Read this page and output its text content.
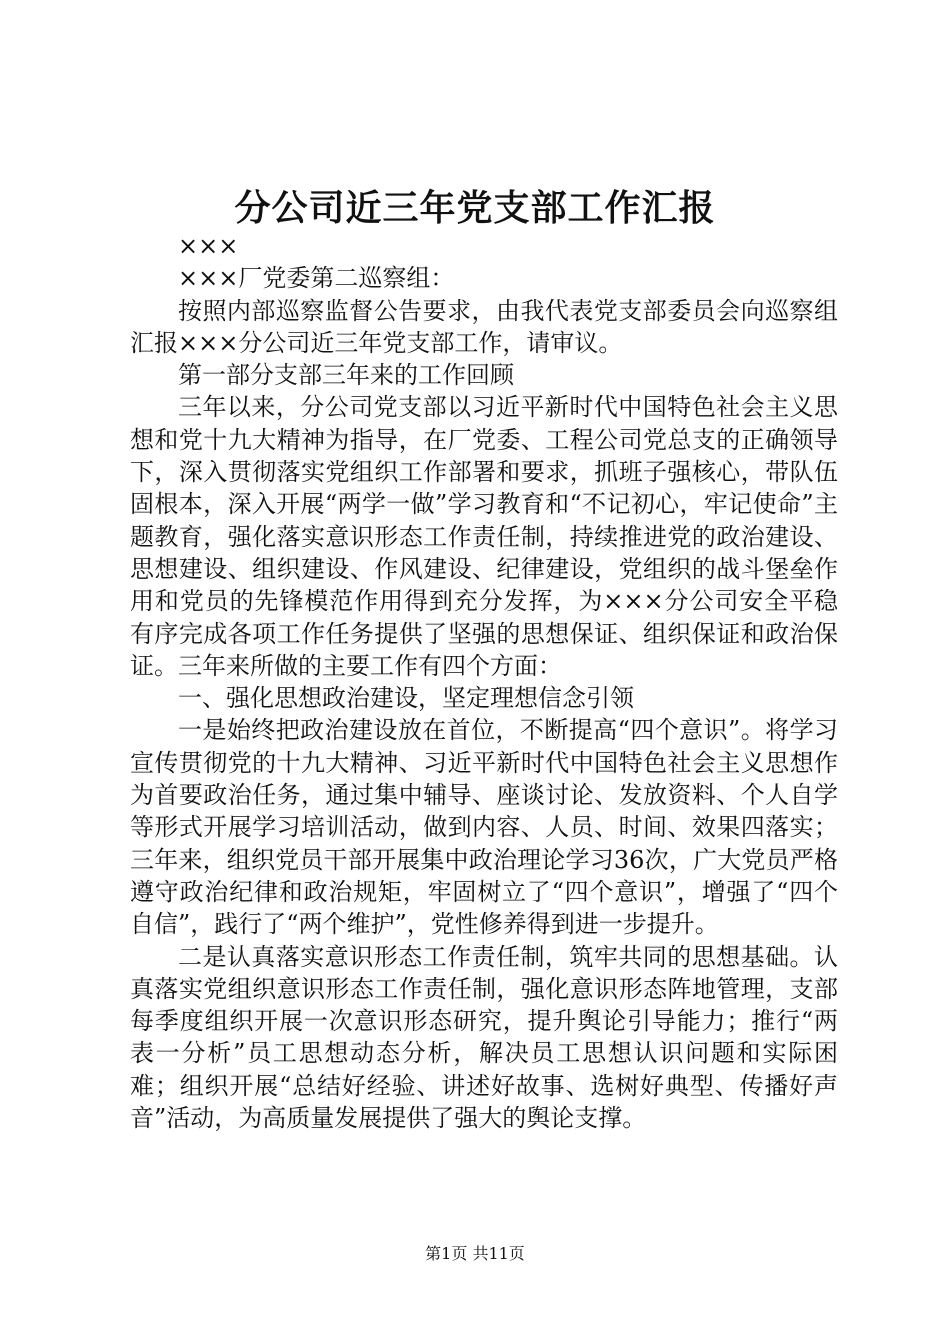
分公司近三年党支部工作汇报

×××

×××厂党委第二巡察组：

按照内部巡察监督公告要求，由我代表党支部委员会向巡察组汇报×××分公司近三年党支部工作，请审议。

第一部分支部三年来的工作回顾

三年以来，分公司党支部以习近平新时代中国特色社会主义思想和党十九大精神为指导，在厂党委、工程公司党总支的正确领导下，深入贯彻落实党组织工作部署和要求，抓班子强核心，带队伍固根本，深入开展“两学一做”学习教育和“不记初心，牢记使命”主题教育，强化落实意识形态工作责任制，持续推进党的政治建设、思想建设、组织建设、作风建设、纪律建设，党组织的战斗堡垒作用和党员的先锋模范作用得到充分发挥，为×××分公司安全平稳有序完成各项工作任务提供了坚强的思想保证、组织保证和政治保证。三年来所做的主要工作有四个方面：

一、强化思想政治建设，坚定理想信念引领

一是始终把政治建设放在首位，不断提高“四个意识”。将学习宣传贯彻党的十九大精神、习近平新时代中国特色社会主义思想作为首要政治任务，通过集中辅导、座谈讨论、发放资料、个人自学等形式开展学习培训活动，做到内容、人员、时间、效果四落实；三年来，组织党员干部开展集中政治理论学习36次，广大党员严格遵守政治纪律和政治规矩，牢固树立了“四个意识”，增强了“四个自信”，践行了“两个维护”，党性修养得到进一步提升。

二是认真落实意识形态工作责任制，筑牢共同的思想基础。认真落实党组织意识形态工作责任制，强化意识形态阵地管理，支部每季度组织开展一次意识形态研究，提升舆论引导能力；推行“两表一分析”员工思想动态分析，解决员工思想认识问题和实际困难；组织开展“总结好经验、讲述好故事、选树好典型、传播好声音”活动，为高质量发展提供了强大的舆论支撑。

第1页 共11页
